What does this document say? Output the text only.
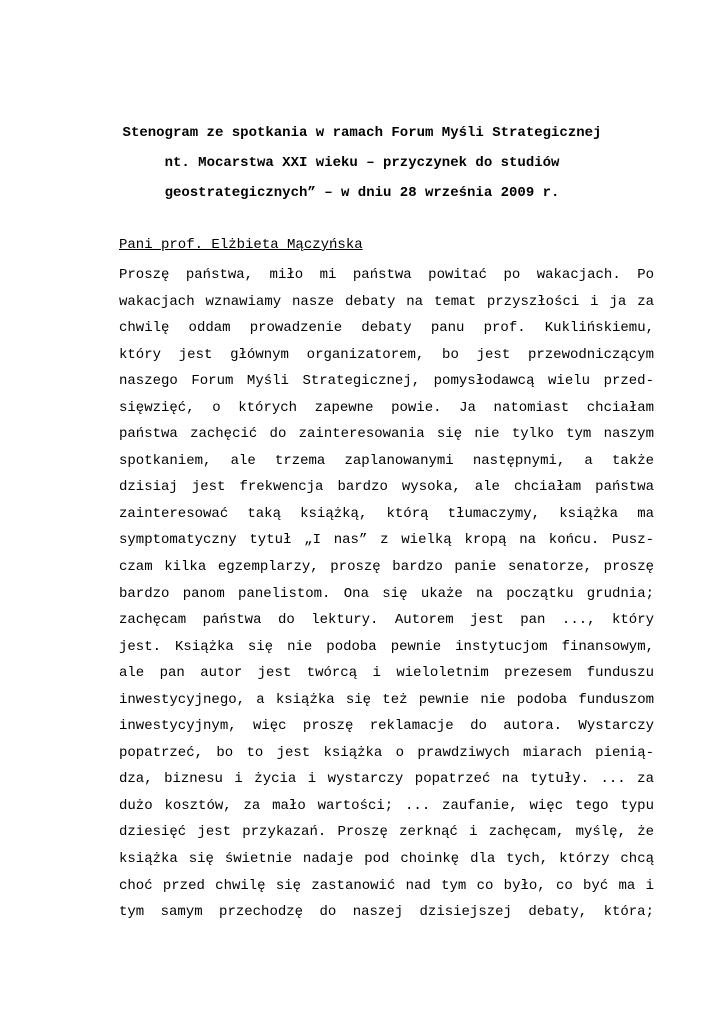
Stenogram ze spotkania w ramach Forum Myśli Strategicznej
nt. Mocarstwa XXI wieku – przyczynek do studiów
geostrategicznych” – w dniu 28 września 2009 r.
Pani prof. Elżbieta Mączyńska
Proszę państwa, miło mi państwa powitać po wakacjach. Po
wakacjach wznawiamy nasze debaty na temat przyszłości i ja za
chwilę oddam prowadzenie debaty panu prof. Kuklińskiemu,
który jest głównym organizatorem, bo jest przewodniczącym
naszego Forum Myśli Strategicznej, pomysłodawcą wielu przed-
sięwzięć, o których zapewne powie. Ja natomiast chciałam
państwa zachęcić do zainteresowania się nie tylko tym naszym
spotkaniem, ale trzema zaplanowanymi następnymi, a także
dzisiaj jest frekwencja bardzo wysoka, ale chciałam państwa
zainteresować taką książką, którą tłumaczymy, książka ma
symptomatyczny tytuł „I nas” z wielką kropą na końcu. Pusz-
czam kilka egzemplarzy, proszę bardzo panie senatorze, proszę
bardzo panom panelistom. Ona się ukaże na początku grudnia;
zachęcam państwa do lektury. Autorem jest pan ..., który
jest. Książka się nie podoba pewnie instytucjom finansowym,
ale pan autor jest twórcą i wieloletnim prezesem funduszu
inwestycyjnego, a książka się też pewnie nie podoba funduszom
inwestycyjnym, więc proszę reklamacje do autora. Wystarczy
popatrzeć, bo to jest książka o prawdziwych miarach pienią-
dza, biznesu i życia i wystarczy popatrzeć na tytuły. ... za
dużo kosztów, za mało wartości; ... zaufanie, więc tego typu
dziesięć jest przykazań. Proszę zerknąć i zachęcam, myślę, że
książka się świetnie nadaje pod choinkę dla tych, którzy chcą
choć przed chwilę się zastanowić nad tym co było, co być ma i
tym samym przechodzę do naszej dzisiejszej debaty, która;
